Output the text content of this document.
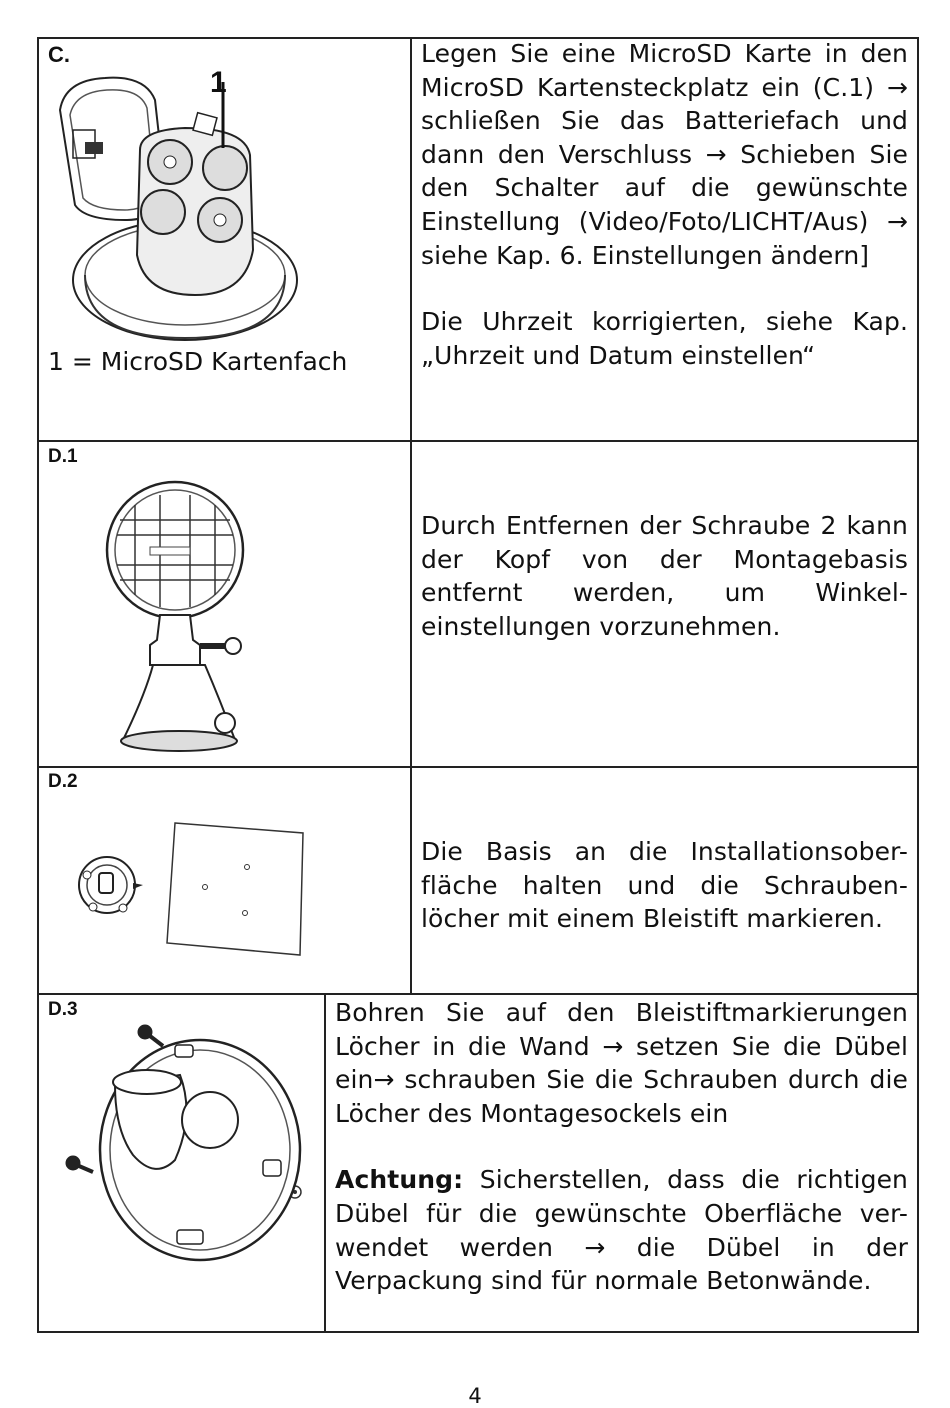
C.
1
1 = MicroSD Kartenfach

Legen Sie eine MicroSD Karte in den MicroSD Kartensteckplatz ein (C.1) → schließen Sie das Batteriefach und dann den Verschluss → Schieben Sie den Schalter auf die gewünschte Einstellung (Video/Foto/LICHT/Aus) → siehe Kap. 6. Einstellungen ändern]

Die Uhrzeit korrigierten, siehe Kap. „Uhrzeit und Datum einstellen“

D.1

Durch Entfernen der Schraube 2 kann der Kopf von der Montagebasis entfernt werden, um Winkel-einstellungen vorzunehmen.

D.2

Die Basis an die Installationsober-fläche halten und die Schrauben-löcher mit einem Bleistift markieren.

D.3	Bohren Sie auf den Bleistiftmarkierungen Löcher in die Wand → setzen Sie die Dübel ein→ schrauben Sie die Schrauben durch die Löcher des Montagesockels ein

Achtung: Sicherstellen, dass die richtigen Dübel für die gewünschte Oberfläche ver-wendet werden → die Dübel in der Verpackung sind für normale Betonwände.

4
